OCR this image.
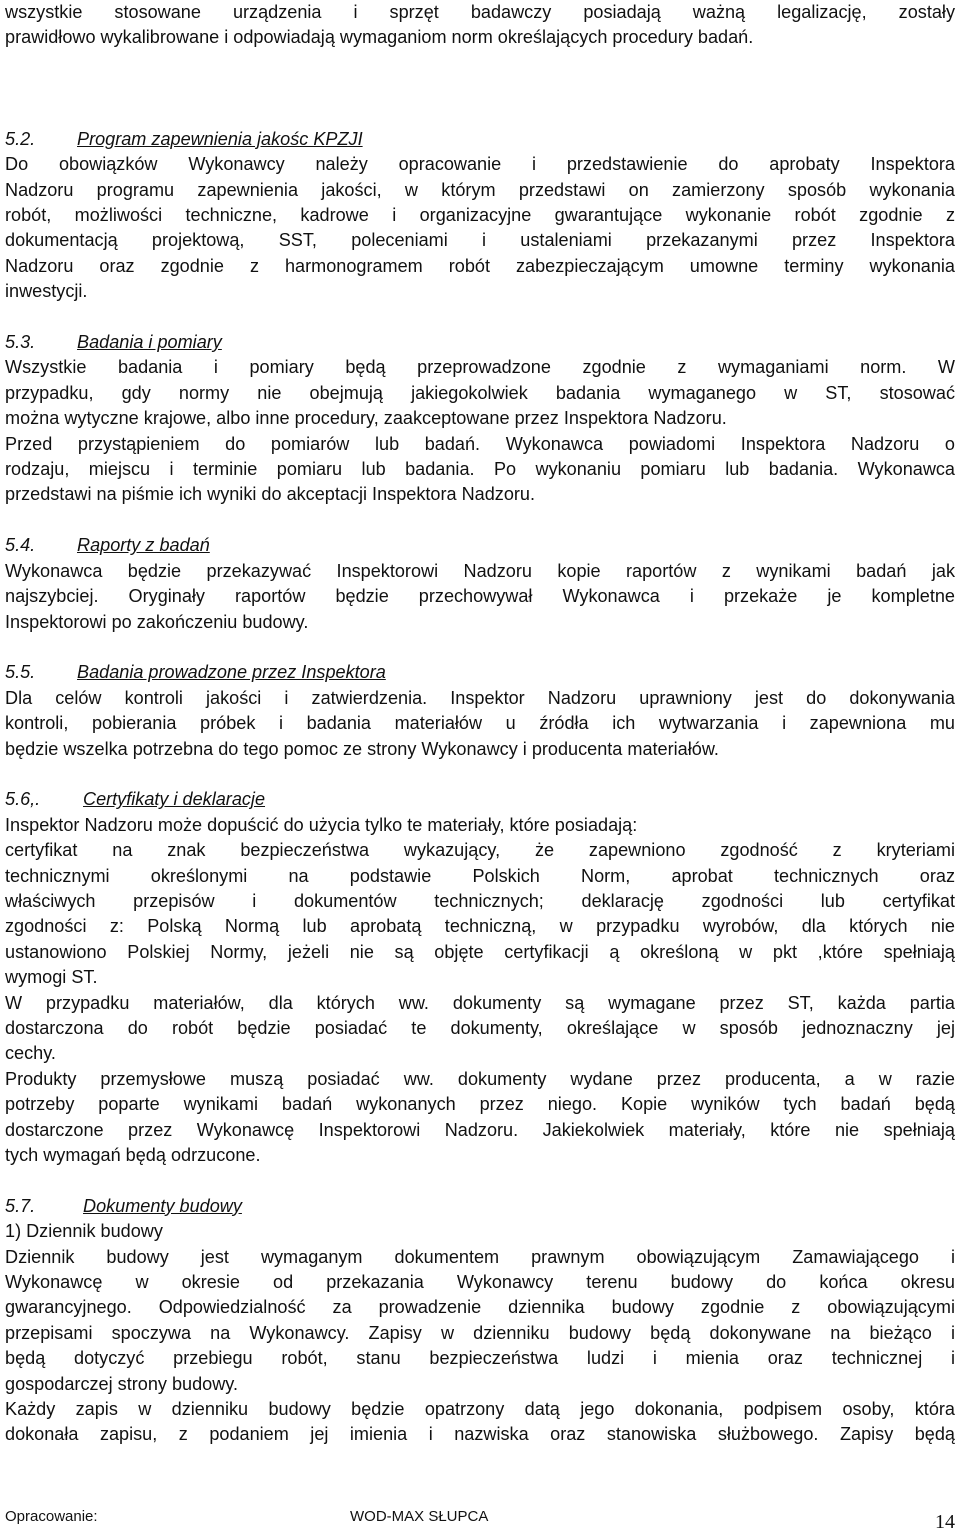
wszystkie stosowane urządzenia i sprzęt badawczy posiadają ważną legalizację, zostały
prawidłowo wykalibrowane i odpowiadają wymaganiom norm określających procedury badań.

5.2. Program zapewnienia jakośc KPZJI

Do obowiązków Wykonawcy należy opracowanie i przedstawienie do aprobaty Inspektora
Nadzoru programu zapewnienia jakości, w którym przedstawi on zamierzony sposób wykonania
robót, możliwości techniczne, kadrowe i organizacyjne gwarantujące wykonanie robót zgodnie z
dokumentacją projektową, SST, poleceniami i ustaleniami przekazanymi przez Inspektora
Nadzoru oraz zgodnie z harmonogramem robót zabezpieczającym umowne terminy wykonania
inwestycji.

5.3. Badania i pomiary

Wszystkie badania i pomiary będą przeprowadzone zgodnie z wymaganiami norm. W
przypadku, gdy normy nie obejmują jakiegokolwiek badania wymaganego w ST, stosować
można wytyczne krajowe, albo inne procedury, zaakceptowane przez Inspektora Nadzoru.
Przed przystąpieniem do pomiarów lub badań. Wykonawca powiadomi Inspektora Nadzoru o
rodzaju, miejscu i terminie pomiaru lub badania. Po wykonaniu pomiaru lub badania. Wykonawca
przedstawi na piśmie ich wyniki do akceptacji Inspektora Nadzoru.

5.4. Raporty z badań

Wykonawca będzie przekazywać Inspektorowi Nadzoru kopie raportów z wynikami badań jak
najszybciej. Oryginały raportów będzie przechowywał Wykonawca i przekaże je kompletne
Inspektorowi po zakończeniu budowy.

5.5. Badania prowadzone przez Inspektora

Dla celów kontroli jakości i zatwierdzenia. Inspektor Nadzoru uprawniony jest do dokonywania
kontroli, pobierania próbek i badania materiałów u źródła ich wytwarzania i zapewniona mu
będzie wszelka potrzebna do tego pomoc ze strony Wykonawcy i producenta materiałów.

5.6,. Certyfikaty i deklaracje

Inspektor Nadzoru może dopuścić do użycia tylko te materiały, które posiadają:
certyfikat na znak bezpieczeństwa wykazujący, że zapewniono zgodność z kryteriami
technicznymi określonymi na podstawie Polskich Norm, aprobat technicznych oraz
właściwych przepisów i dokumentów technicznych; deklarację zgodności lub certyfikat
zgodności z: Polską Normą lub aprobatą techniczną, w przypadku wyrobów, dla których nie
ustanowiono Polskiej Normy, jeżeli nie są objęte certyfikacji ą określoną w pkt ,które spełniają
wymogi ST.
W przypadku materiałów, dla których ww. dokumenty są wymagane przez ST, każda partia
dostarczona do robót będzie posiadać te dokumenty, określające w sposób jednoznaczny jej
cechy.
Produkty przemysłowe muszą posiadać ww. dokumenty wydane przez producenta, a w razie
potrzeby poparte wynikami badań wykonanych przez niego. Kopie wyników tych badań będą
dostarczone przez Wykonawcę Inspektorowi Nadzoru. Jakiekolwiek materiały, które nie spełniają
tych wymagań będą odrzucone.

5.7.	Dokumenty budowy

1) Dziennik budowy
Dziennik budowy jest wymaganym dokumentem prawnym obowiązującym Zamawiającego i
Wykonawcę w okresie od przekazania Wykonawcy terenu budowy do końca okresu
gwarancyjnego. Odpowiedzialność za prowadzenie dziennika budowy zgodnie z obowiązującymi
przepisami spoczywa na Wykonawcy. Zapisy w dzienniku budowy będą dokonywane na bieżąco i
będą dotyczyć przebiegu robót, stanu bezpieczeństwa ludzi i mienia oraz technicznej i
gospodarczej strony budowy.
Każdy zapis w dzienniku budowy będzie opatrzony datą jego dokonania, podpisem osoby, która
dokonała zapisu, z podaniem jej imienia i nazwiska oraz stanowiska służbowego. Zapisy będą

Opracowanie:	WOD-MAX SŁUPCA	14
